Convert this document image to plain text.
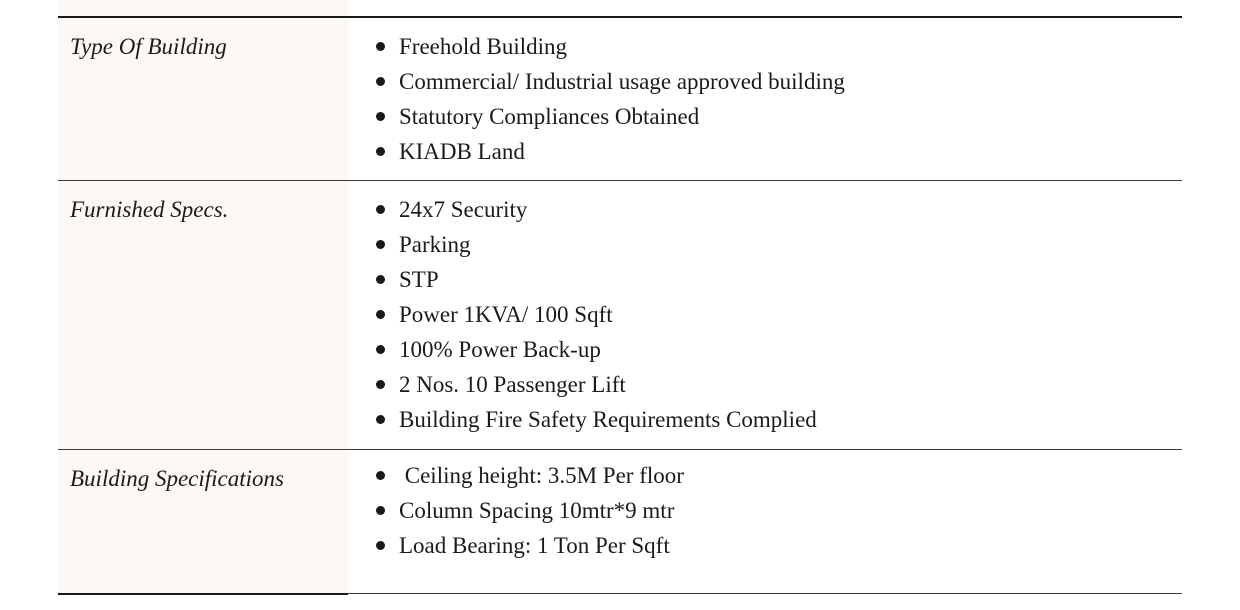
Type Of Building	Freehold Building
Commercial/ Industrial usage approved building
Statutory Compliances Obtained
KIADB Land
Furnished Specs.	24x7 Security
Parking
STP
Power 1KVA/ 100 Sqft
100% Power Back-up
2 Nos. 10 Passenger Lift
Building Fire Safety Requirements Complied
Building Specifications	Ceiling height: 3.5M Per floor
Column Spacing 10mtr*9 mtr
Load Bearing: 1 Ton Per Sqft
